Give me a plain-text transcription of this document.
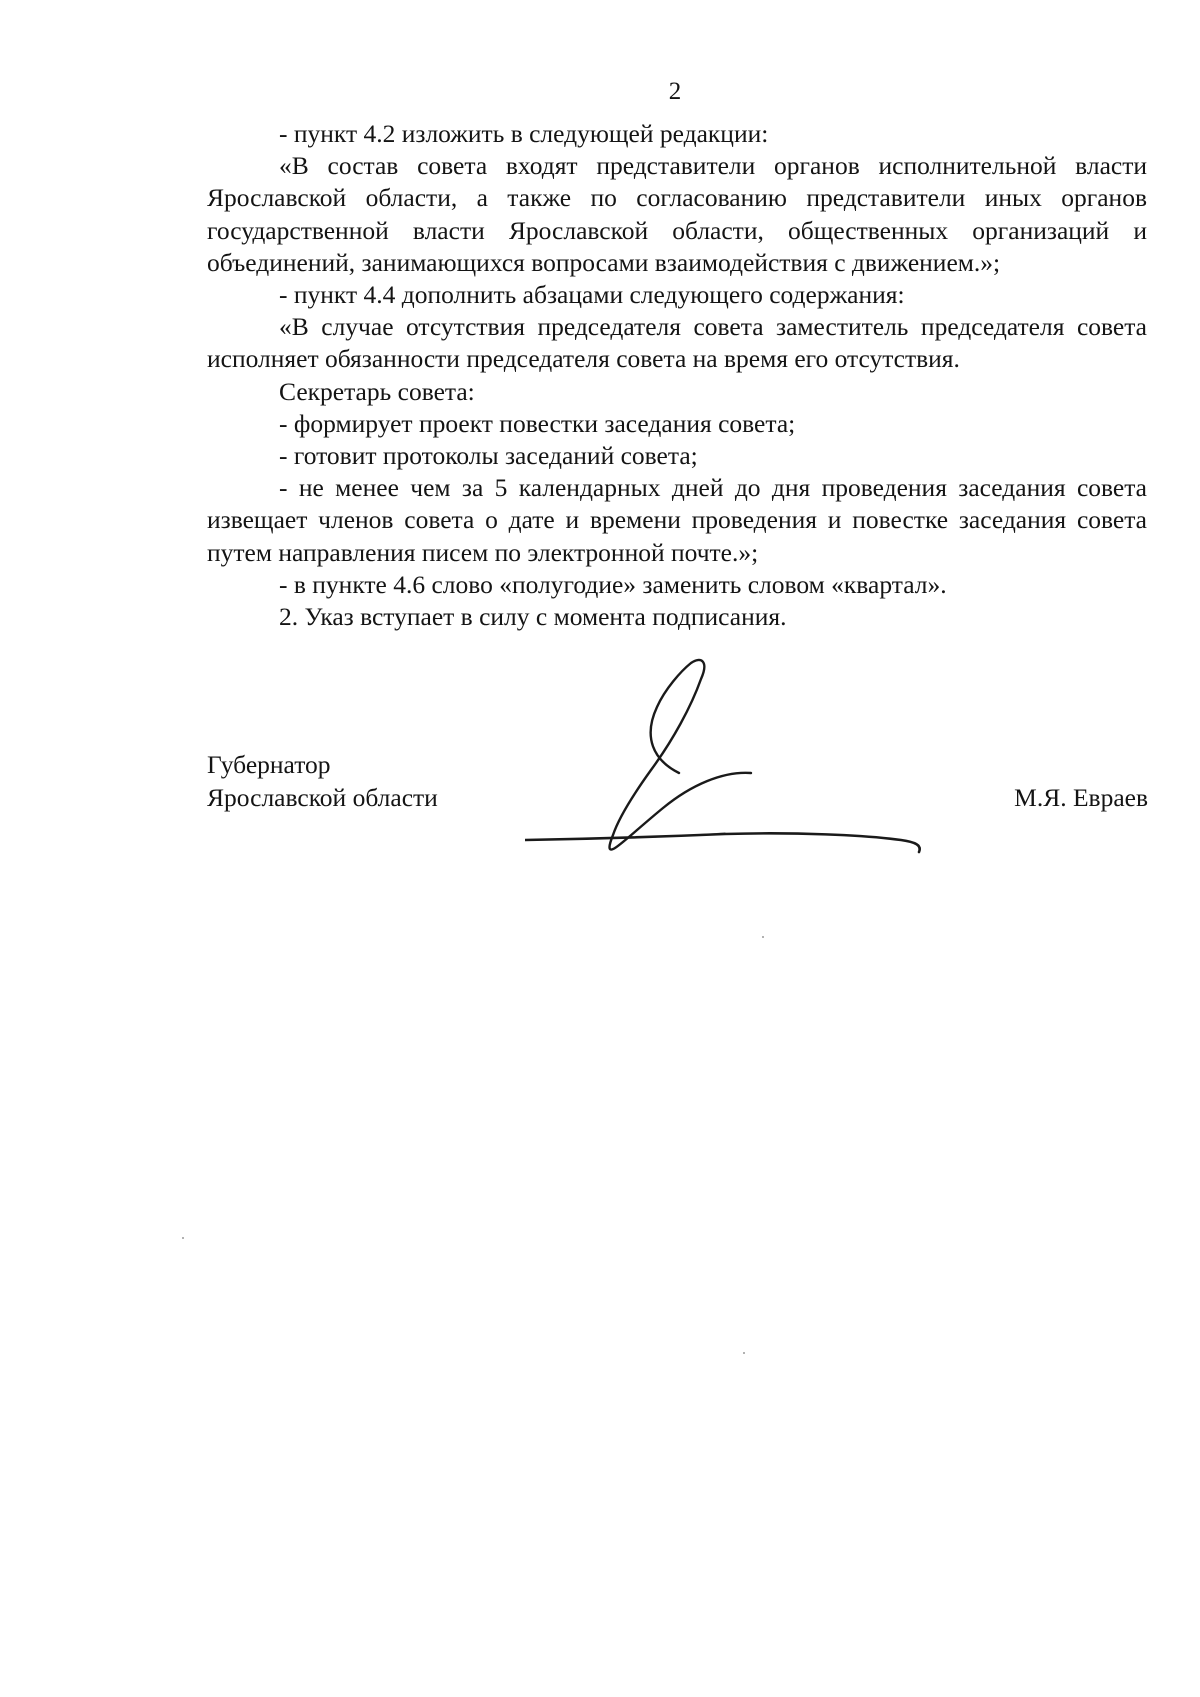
2

- пункт 4.2 изложить в следующей редакции:

«В состав совета входят представители органов исполнительной власти Ярославской области, а также по согласованию представители иных органов государственной власти Ярославской области, общественных организаций и объединений, занимающихся вопросами взаимодействия с движением.»;

- пункт 4.4 дополнить абзацами следующего содержания:

«В случае отсутствия председателя совета заместитель председателя совета исполняет обязанности председателя совета на время его отсутствия.

Секретарь совета:

- формирует проект повестки заседания совета;

- готовит протоколы заседаний совета;

- не менее чем за 5 календарных дней до дня проведения заседания совета извещает членов совета о дате и времени проведения и повестке заседания совета путем направления писем по электронной почте.»;

- в пункте 4.6 слово «полугодие» заменить словом «квартал».

2. Указ вступает в силу с момента подписания.

Губернатор
Ярославской области	М.Я. Евраев
